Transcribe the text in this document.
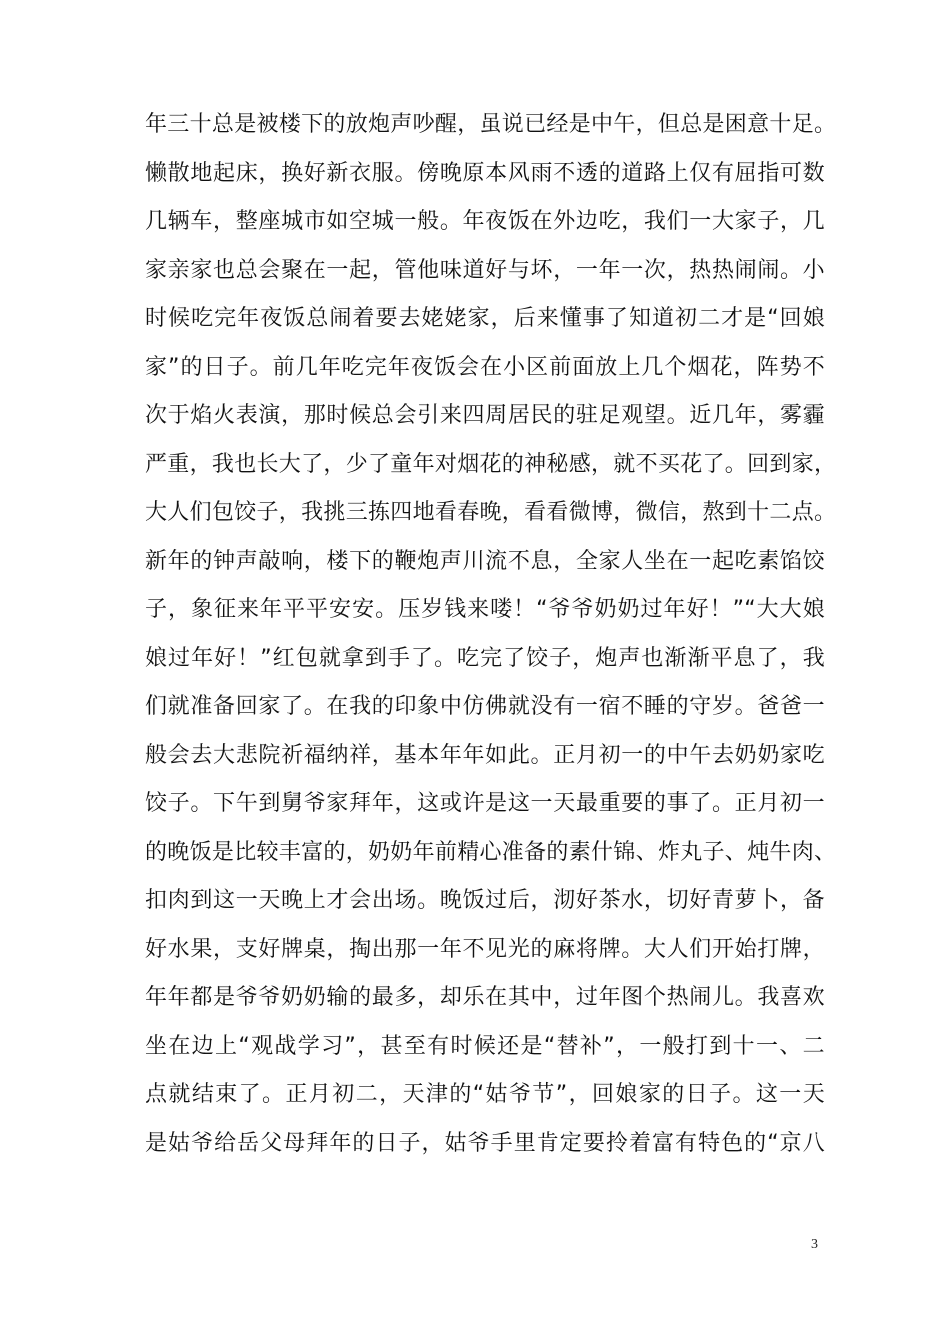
年三十总是被楼下的放炮声吵醒，虽说已经是中午，但总是困意十足。
懒散地起床，换好新衣服。傍晚原本风雨不透的道路上仅有屈指可数
几辆车，整座城市如空城一般。年夜饭在外边吃，我们一大家子，几
家亲家也总会聚在一起，管他味道好与坏，一年一次，热热闹闹。小
时候吃完年夜饭总闹着要去姥姥家，后来懂事了知道初二才是“回娘
家”的日子。前几年吃完年夜饭会在小区前面放上几个烟花，阵势不
次于焰火表演，那时候总会引来四周居民的驻足观望。近几年，雾霾
严重，我也长大了，少了童年对烟花的神秘感，就不买花了。回到家，
大人们包饺子，我挑三拣四地看春晚，看看微博，微信，熬到十二点。
新年的钟声敲响，楼下的鞭炮声川流不息，全家人坐在一起吃素馅饺
子，象征来年平平安安。压岁钱来喽！“爷爷奶奶过年好！”“大大娘
娘过年好！”红包就拿到手了。吃完了饺子，炮声也渐渐平息了，我
们就准备回家了。在我的印象中仿佛就没有一宿不睡的守岁。爸爸一
般会去大悲院祈福纳祥，基本年年如此。正月初一的中午去奶奶家吃
饺子。下午到舅爷家拜年，这或许是这一天最重要的事了。正月初一
的晚饭是比较丰富的，奶奶年前精心准备的素什锦、炸丸子、炖牛肉、
扣肉到这一天晚上才会出场。晚饭过后，沏好茶水，切好青萝卜，备
好水果，支好牌桌，掏出那一年不见光的麻将牌。大人们开始打牌，
年年都是爷爷奶奶输的最多，却乐在其中，过年图个热闹儿。我喜欢
坐在边上“观战学习”，甚至有时候还是“替补”，一般打到十一、二
点就结束了。正月初二，天津的“姑爷节”，回娘家的日子。这一天
是姑爷给岳父母拜年的日子，姑爷手里肯定要拎着富有特色的“京八
3
